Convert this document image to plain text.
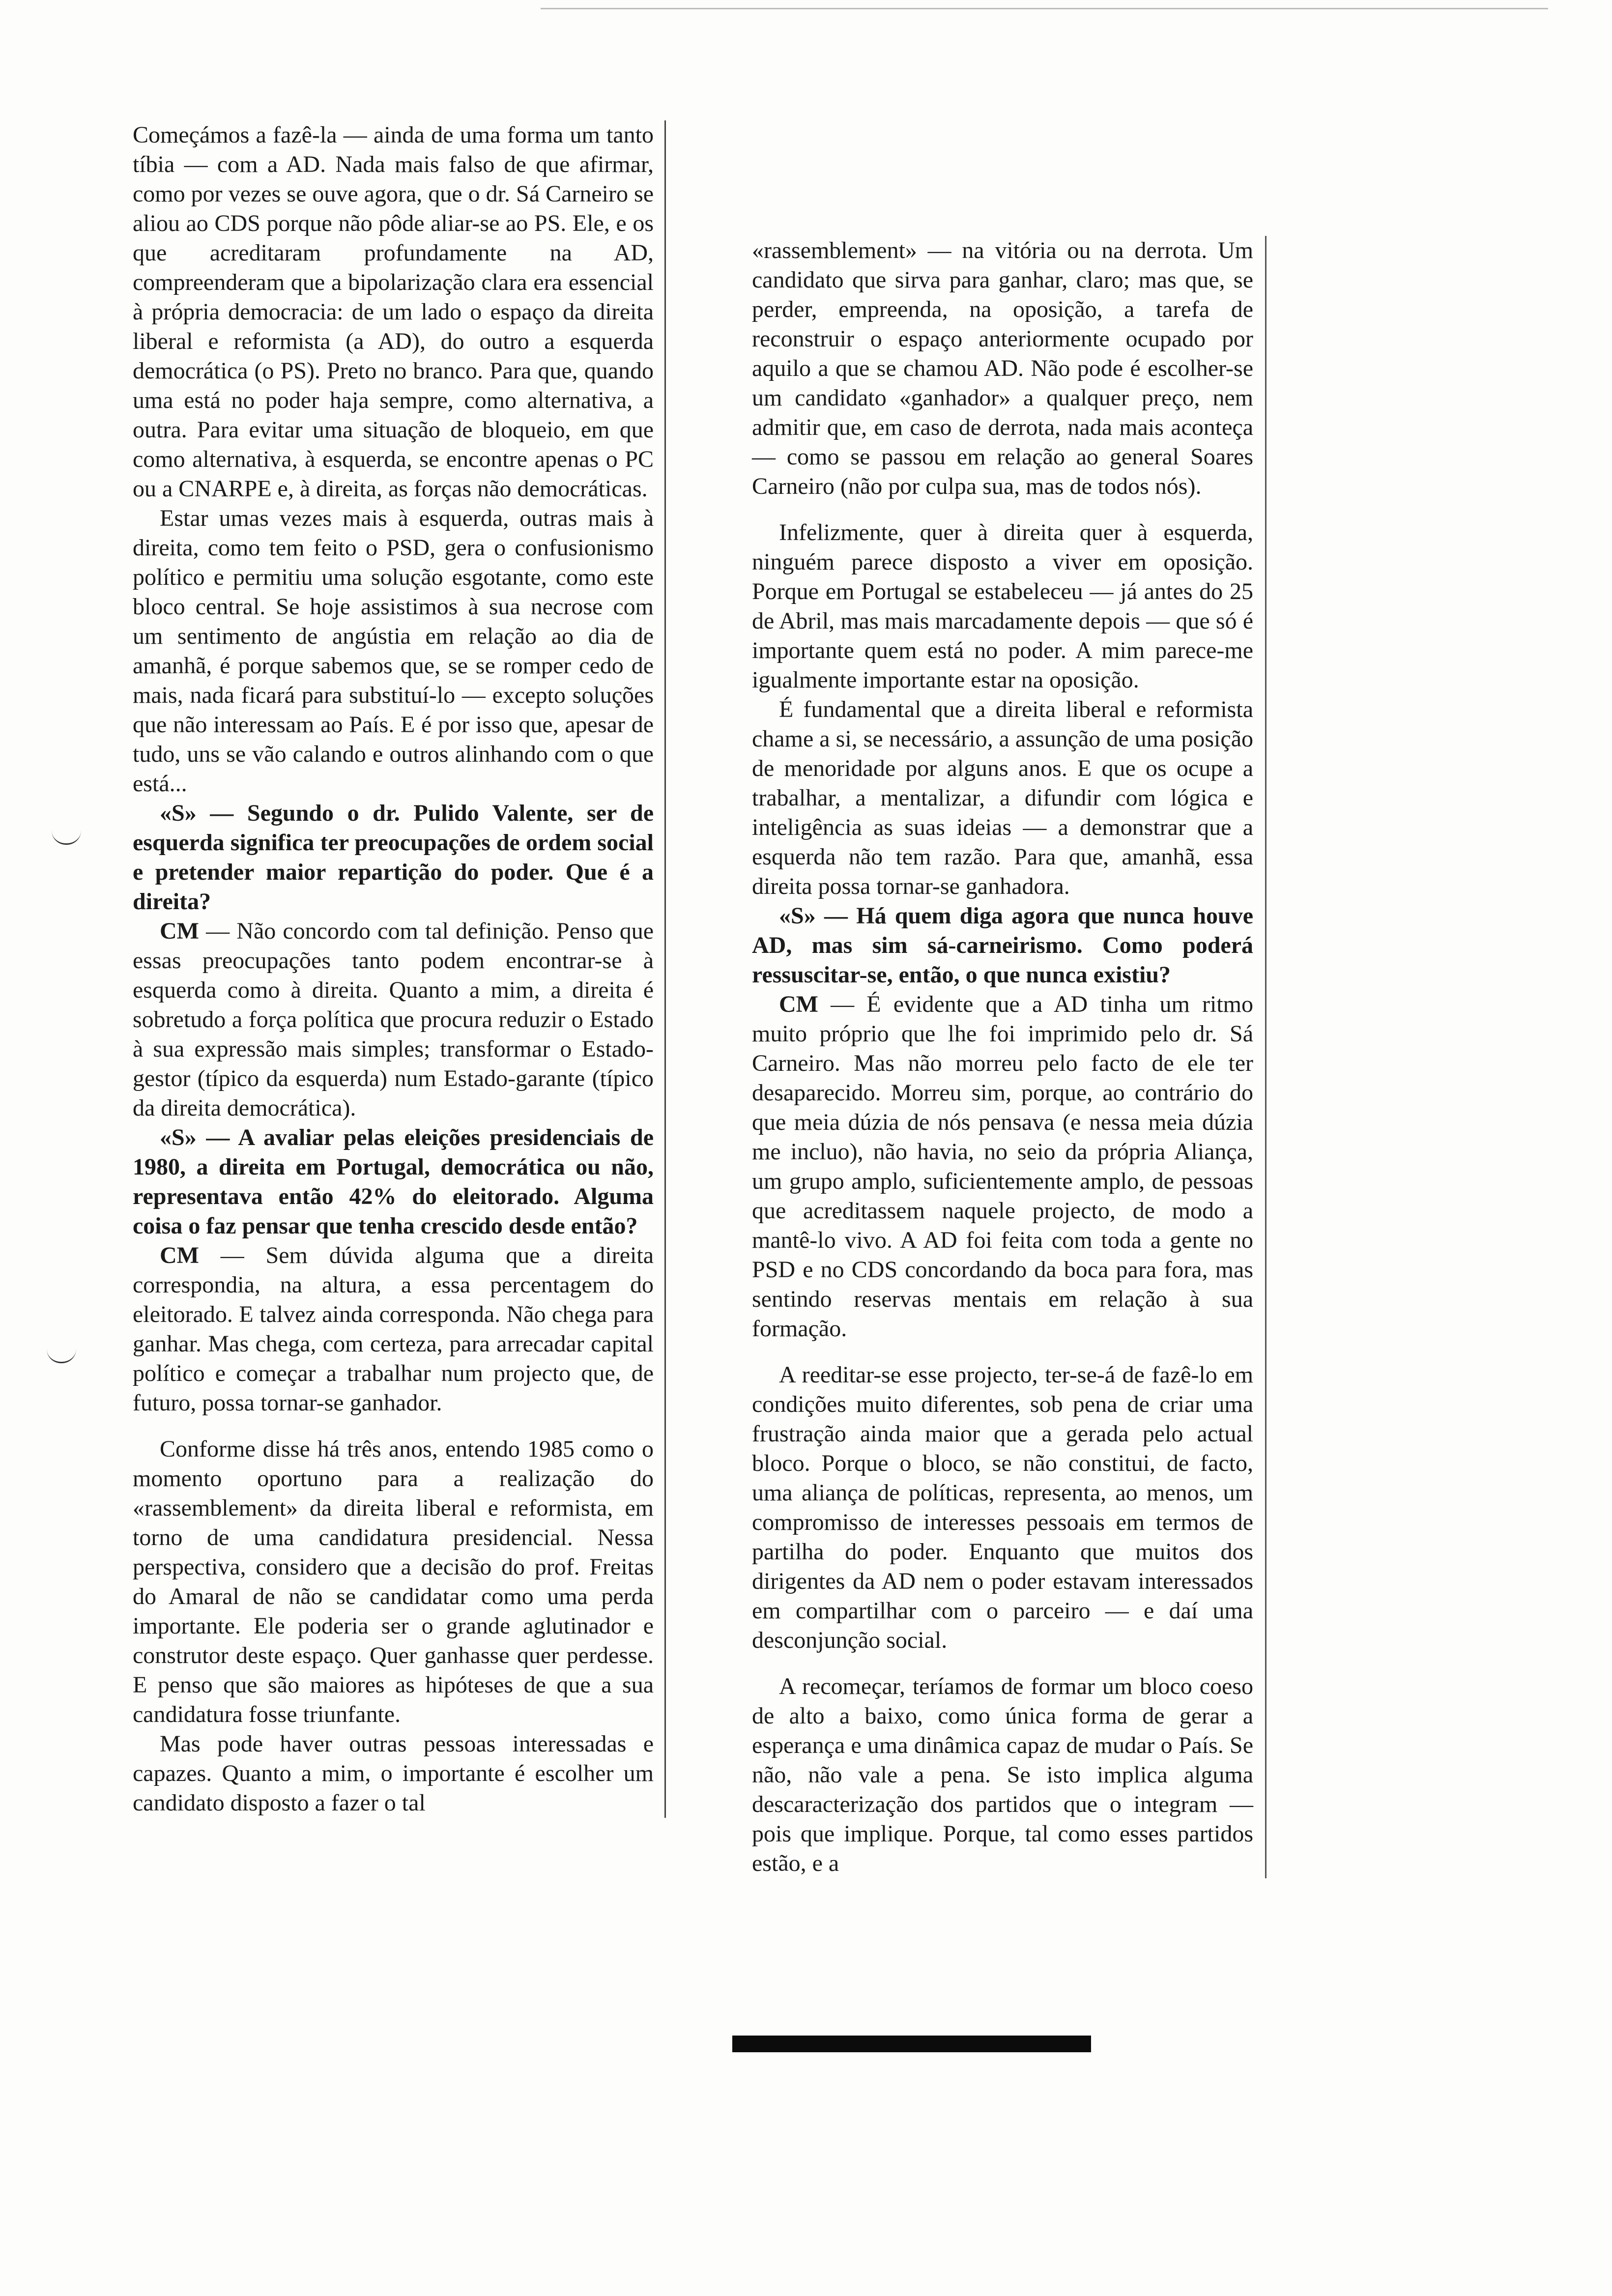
Começámos a fazê-la — ainda de uma forma um tanto tíbia — com a AD. Nada mais falso de que afirmar, como por vezes se ouve agora, que o dr. Sá Carneiro se aliou ao CDS porque não pôde aliar-se ao PS. Ele, e os que acreditaram profundamente na AD, compreenderam que a bipolarização clara era essencial à própria democracia: de um lado o espaço da direita liberal e reformista (a AD), do outro a esquerda democrática (o PS). Preto no branco. Para que, quando uma está no poder haja sempre, como alternativa, a outra. Para evitar uma situação de bloqueio, em que como alternativa, à esquerda, se encontre apenas o PC ou a CNARPE e, à direita, as forças não democráticas.

Estar umas vezes mais à esquerda, outras mais à direita, como tem feito o PSD, gera o confusionismo político e permitiu uma solução esgotante, como este bloco central. Se hoje assistimos à sua necrose com um sentimento de angústia em relação ao dia de amanhã, é porque sabemos que, se se romper cedo de mais, nada ficará para substituí-lo — excepto soluções que não interessam ao País. E é por isso que, apesar de tudo, uns se vão calando e outros alinhando com o que está...

«S» — Segundo o dr. Pulido Valente, ser de esquerda significa ter preocupações de ordem social e pretender maior repartição do poder. Que é a direita?

CM — Não concordo com tal definição. Penso que essas preocupações tanto podem encontrar-se à esquerda como à direita. Quanto a mim, a direita é sobretudo a força política que procura reduzir o Estado à sua expressão mais simples; transformar o Estado-gestor (típico da esquerda) num Estado-garante (típico da direita democrática).

«S» — A avaliar pelas eleições presidenciais de 1980, a direita em Portugal, democrática ou não, representava então 42% do eleitorado. Alguma coisa o faz pensar que tenha crescido desde então?

CM — Sem dúvida alguma que a direita correspondia, na altura, a essa percentagem do eleitorado. E talvez ainda corresponda. Não chega para ganhar. Mas chega, com certeza, para arrecadar capital político e começar a trabalhar num projecto que, de futuro, possa tornar-se ganhador.

Conforme disse há três anos, entendo 1985 como o momento oportuno para a realização do «rassemblement» da direita liberal e reformista, em torno de uma candidatura presidencial. Nessa perspectiva, considero que a decisão do prof. Freitas do Amaral de não se candidatar como uma perda importante. Ele poderia ser o grande aglutinador e construtor deste espaço. Quer ganhasse quer perdesse. E penso que são maiores as hipóteses de que a sua candidatura fosse triunfante.

Mas pode haver outras pessoas interessadas e capazes. Quanto a mim, o importante é escolher um candidato disposto a fazer o tal

«rassemblement» — na vitória ou na derrota. Um candidato que sirva para ganhar, claro; mas que, se perder, empreenda, na oposição, a tarefa de reconstruir o espaço anteriormente ocupado por aquilo a que se chamou AD. Não pode é escolher-se um candidato «ganhador» a qualquer preço, nem admitir que, em caso de derrota, nada mais aconteça — como se passou em relação ao general Soares Carneiro (não por culpa sua, mas de todos nós).

Infelizmente, quer à direita quer à esquerda, ninguém parece disposto a viver em oposição. Porque em Portugal se estabeleceu — já antes do 25 de Abril, mas mais marcadamente depois — que só é importante quem está no poder. A mim parece-me igualmente importante estar na oposição.

É fundamental que a direita liberal e reformista chame a si, se necessário, a assunção de uma posição de menoridade por alguns anos. E que os ocupe a trabalhar, a mentalizar, a difundir com lógica e inteligência as suas ideias — a demonstrar que a esquerda não tem razão. Para que, amanhã, essa direita possa tornar-se ganhadora.

«S» — Há quem diga agora que nunca houve AD, mas sim sá-carneirismo. Como poderá ressuscitar-se, então, o que nunca existiu?

CM — É evidente que a AD tinha um ritmo muito próprio que lhe foi imprimido pelo dr. Sá Carneiro. Mas não morreu pelo facto de ele ter desaparecido. Morreu sim, porque, ao contrário do que meia dúzia de nós pensava (e nessa meia dúzia me incluo), não havia, no seio da própria Aliança, um grupo amplo, suficientemente amplo, de pessoas que acreditassem naquele projecto, de modo a mantê-lo vivo. A AD foi feita com toda a gente no PSD e no CDS concordando da boca para fora, mas sentindo reservas mentais em relação à sua formação.

A reeditar-se esse projecto, ter-se-á de fazê-lo em condições muito diferentes, sob pena de criar uma frustração ainda maior que a gerada pelo actual bloco. Porque o bloco, se não constitui, de facto, uma aliança de políticas, representa, ao menos, um compromisso de interesses pessoais em termos de partilha do poder. Enquanto que muitos dos dirigentes da AD nem o poder estavam interessados em compartilhar com o parceiro — e daí uma desconjunção social.

A recomeçar, teríamos de formar um bloco coeso de alto a baixo, como única forma de gerar a esperança e uma dinâmica capaz de mudar o País. Se não, não vale a pena. Se isto implica alguma descaracterização dos partidos que o integram — pois que implique. Porque, tal como esses partidos estão, e a
